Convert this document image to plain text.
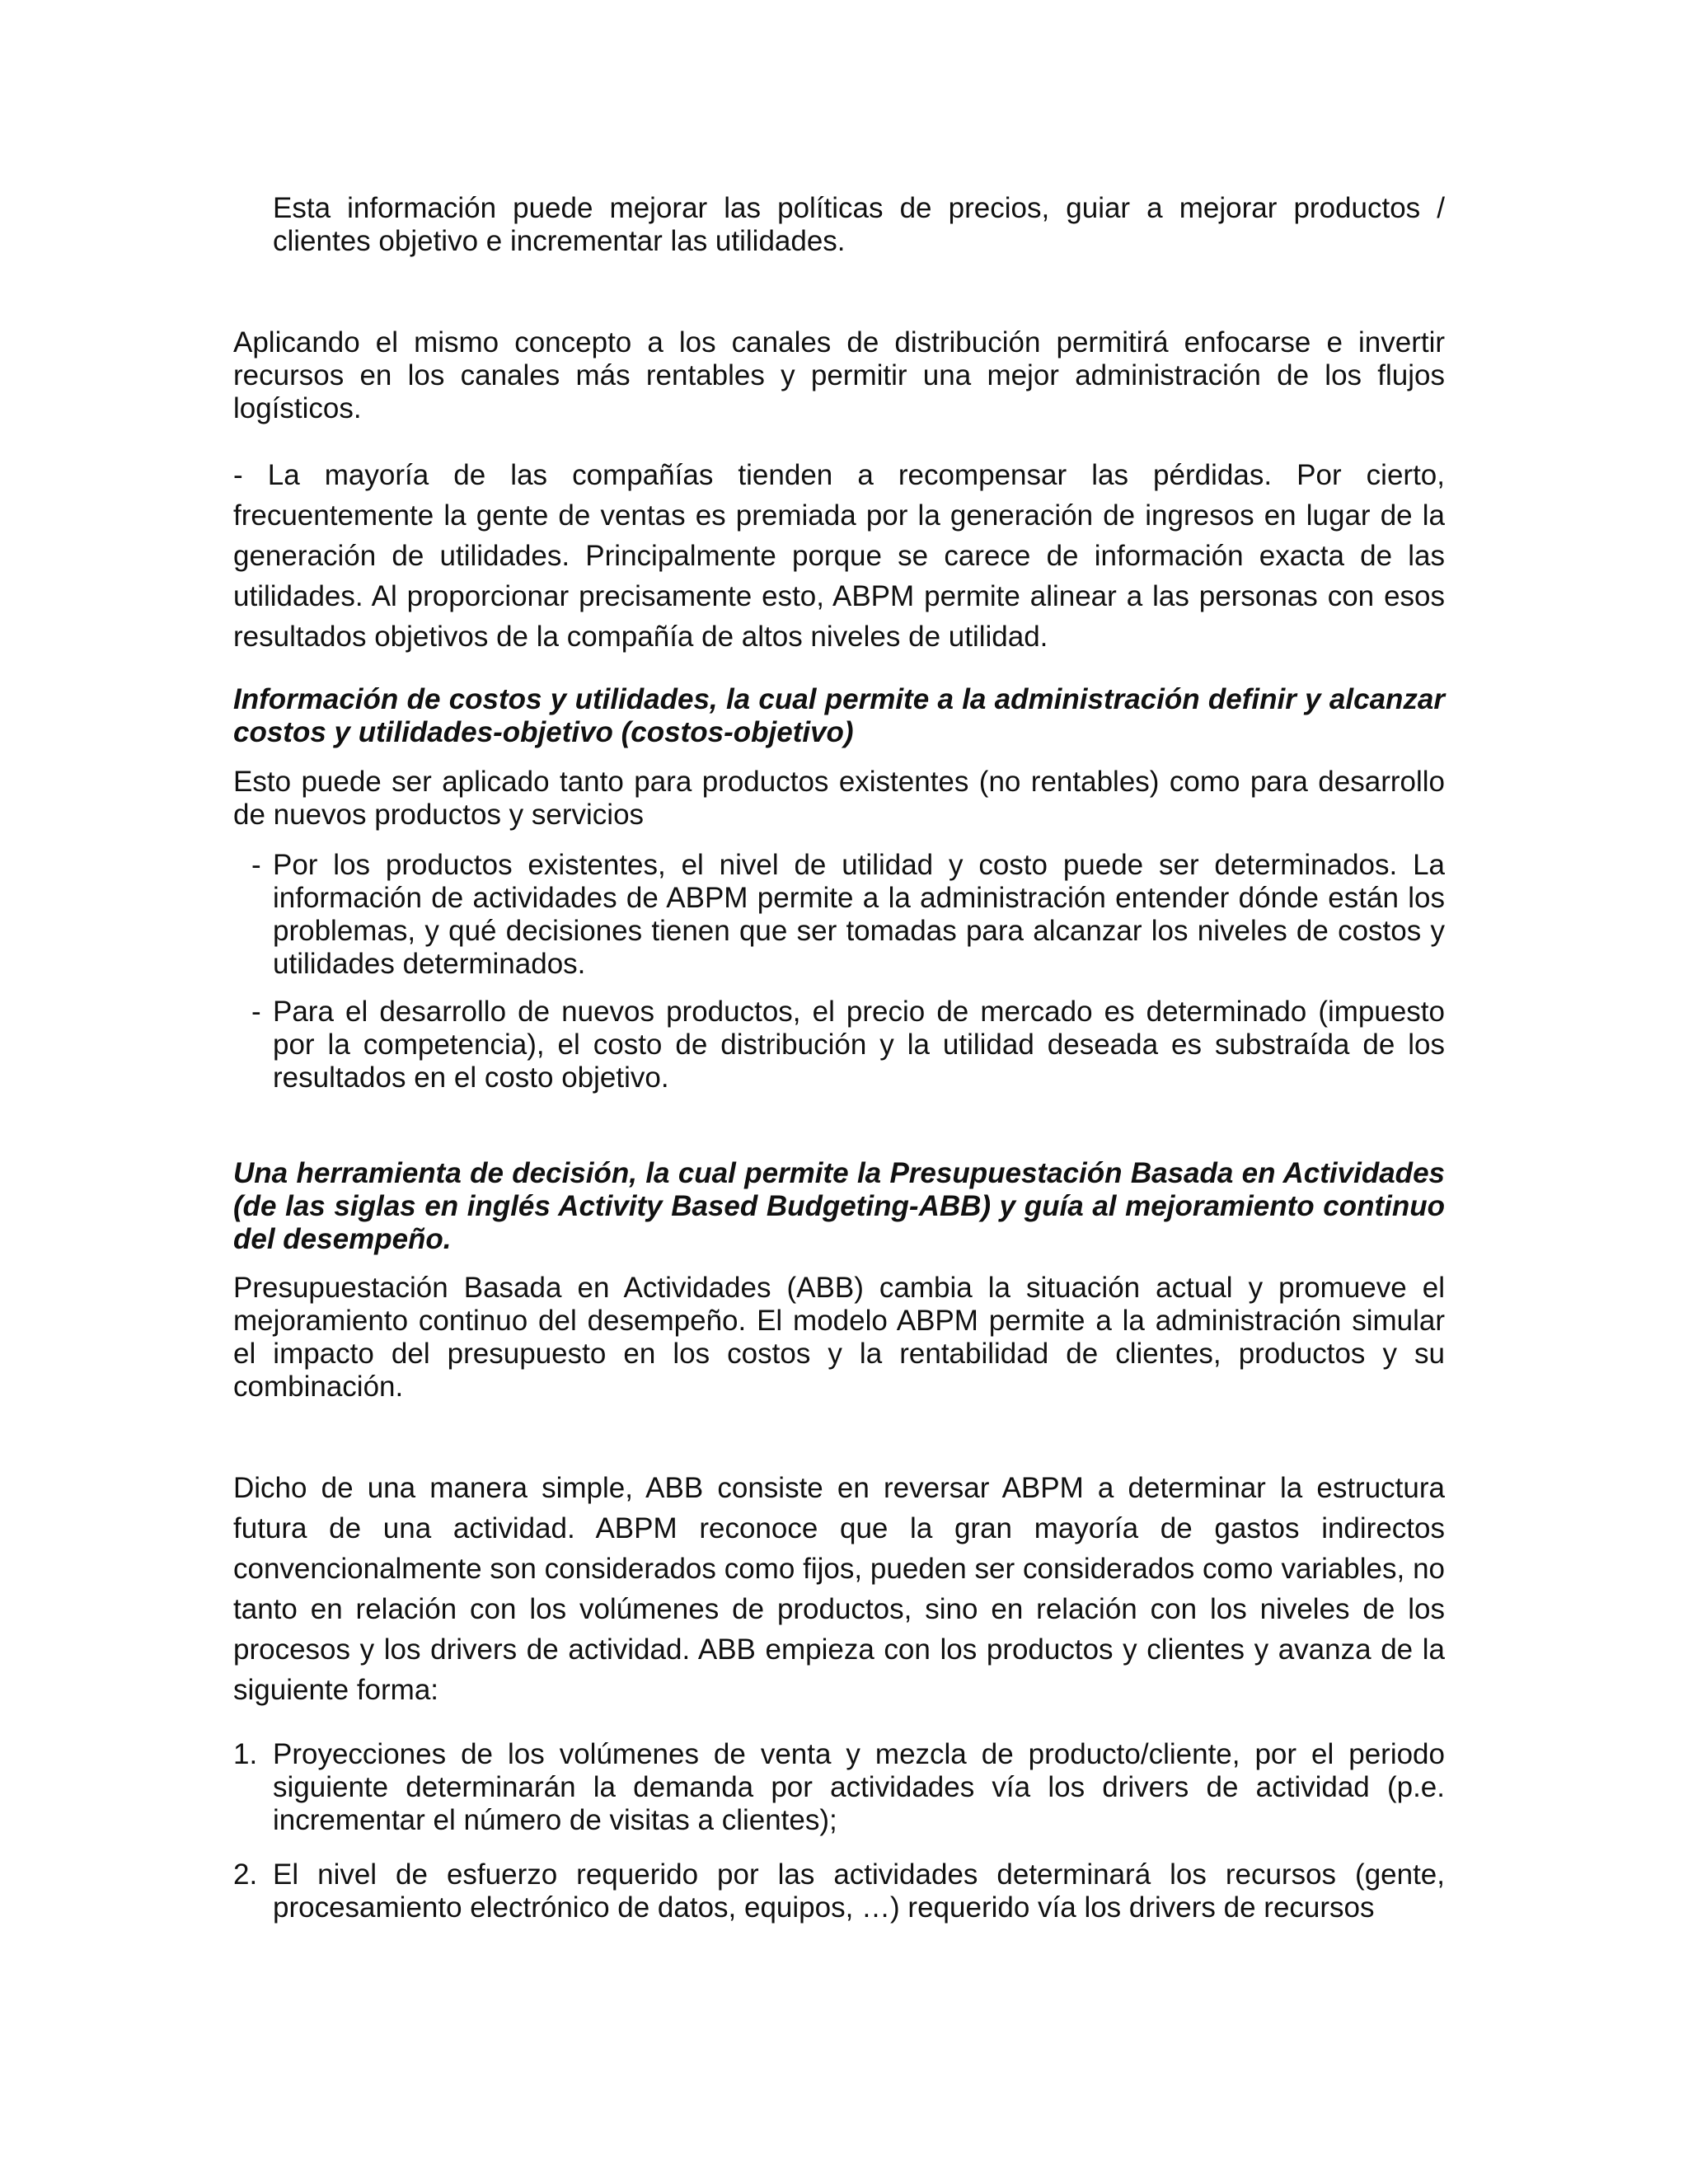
Esta información puede mejorar las políticas de precios, guiar a mejorar productos / clientes objetivo e incrementar las utilidades.

Aplicando el mismo concepto a los canales de distribución permitirá enfocarse e invertir recursos en los canales más rentables y permitir una mejor administración de los flujos logísticos.

- La mayoría de las compañías tienden a recompensar las pérdidas. Por cierto, frecuentemente la gente de ventas es premiada por la generación de ingresos en lugar de la generación de utilidades. Principalmente porque se carece de información exacta de las utilidades. Al proporcionar precisamente esto, ABPM permite alinear a las personas con esos resultados objetivos de la compañía de altos niveles de utilidad.

Información de costos y utilidades, la cual permite a la administración definir y alcanzar costos y utilidades-objetivo (costos-objetivo)

Esto puede ser aplicado tanto para productos existentes (no rentables) como para desarrollo de nuevos productos y servicios

- Por los productos existentes, el nivel de utilidad y costo puede ser determinados. La información de actividades de ABPM permite a la administración entender dónde están los problemas, y qué decisiones tienen que ser tomadas para alcanzar los niveles de costos y utilidades determinados.
- Para el desarrollo de nuevos productos, el precio de mercado es determinado (impuesto por la competencia), el costo de distribución y la utilidad deseada es substraída de los resultados en el costo objetivo.

Una herramienta de decisión, la cual permite la Presupuestación Basada en Actividades (de las siglas en inglés Activity Based Budgeting-ABB) y guía al mejoramiento continuo del desempeño.

Presupuestación Basada en Actividades (ABB) cambia la situación actual y promueve el mejoramiento continuo del desempeño. El modelo ABPM permite a la administración simular el impacto del presupuesto en los costos y la rentabilidad de clientes, productos y su combinación.

Dicho de una manera simple, ABB consiste en reversar ABPM a determinar la estructura futura de una actividad. ABPM reconoce que la gran mayoría de gastos indirectos convencionalmente son considerados como fijos, pueden ser considerados como variables, no tanto en relación con los volúmenes de productos, sino en relación con los niveles de los procesos y los drivers de actividad. ABB empieza con los productos y clientes y avanza de la siguiente forma:

1. Proyecciones de los volúmenes de venta y mezcla de producto/cliente, por el periodo siguiente determinarán la demanda por actividades vía los drivers de actividad (p.e. incrementar el número de visitas a clientes);
2. El nivel de esfuerzo requerido por las actividades determinará los recursos (gente, procesamiento electrónico de datos, equipos, …) requerido vía los drivers de recursos
